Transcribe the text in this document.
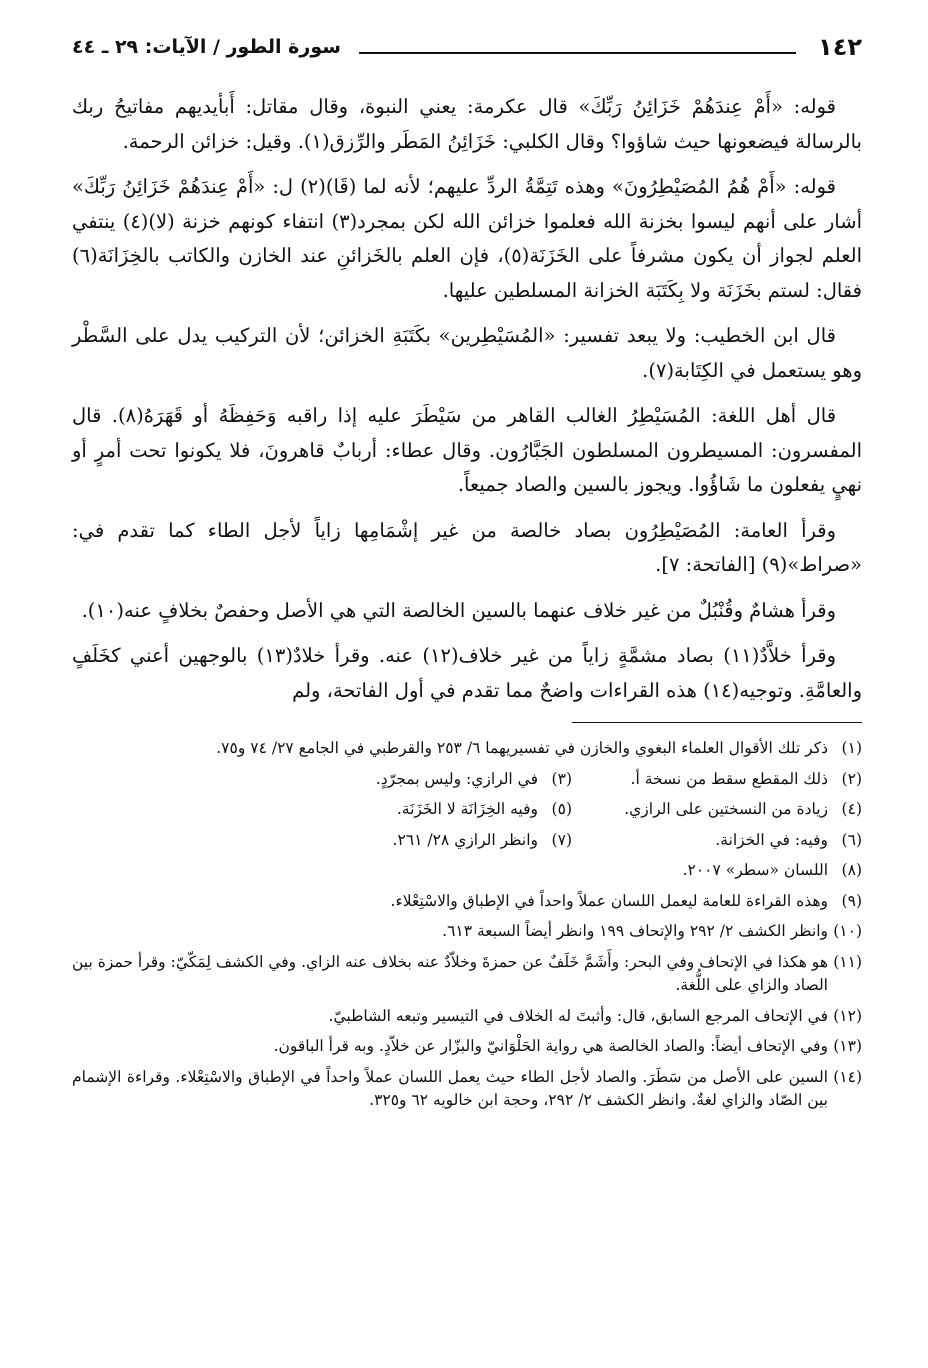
١٤٢
سورة الطور / الآيات: ٢٩ ـ ٤٤

قوله: «أَمْ عِندَهُمْ خَزَائِنُ رَبِّكَ» قال عكرمة: يعني النبوة، وقال مقاتل: أَبأيديهم مفاتيحُ ربك بالرسالة فيضعونها حيث شاؤوا؟ وقال الكلبي: خَزَائِنُ المَطَر والرِّزق(١). وقيل: خزائن الرحمة.

قوله: «أَمْ هُمُ المُصَيْطِرُونَ» وهذه تَتِمَّةُ الردِّ عليهم؛ لأنه لما (قَا)(٢) ل: «أَمْ عِندَهُمْ خَزَائِنُ رَبِّكَ» أشار على أنهم ليسوا بخزنة الله فعلموا خزائن الله لكن بمجرد(٣) انتفاء كونهم خزنة (لا)(٤) ينتفي العلم لجواز أن يكون مشرفاً على الخَزَنَة(٥)، فإن العلم بالخَزائنِ عند الخازن والكاتب بالخِزَانَة(٦) فقال: لستم بخَزَنَة ولا بِكَتَبَة الخزانة المسلطين عليها.

قال ابن الخطيب: ولا يبعد تفسير: «المُسَيْطِرين» بكَتَبَةِ الخزائن؛ لأن التركيب يدل على السَّطْر وهو يستعمل في الكِتَابة(٧).

قال أهل اللغة: المُسَيْطِرُ الغالب القاهر من سَيْطَرَ عليه إذا راقبه وَحَفِظَهُ أو قَهَرَهُ(٨). قال المفسرون: المسيطرون المسلطون الجَبَّارُون. وقال عطاء: أربابٌ قاهرونَ، فلا يكونوا تحت أمرٍ أو نهيٍ يفعلون ما شَاؤُوا. ويجوز بالسين والصاد جميعاً.

وقرأ العامة: المُصَيْطِرُون بصاد خالصة من غير إشْمَامِها زاياً لأجل الطاء كما تقدم في: «صراط»(٩) [الفاتحة: ٧].

وقرأ هشامٌ وقُنْبُلٌ من غير خلاف عنهما بالسين الخالصة التي هي الأصل وحفصٌ بخلافٍ عنه(١٠).

وقرأ خلاَّدٌ(١١) بصاد مشمَّةٍ زاياً من غير خلاف(١٢) عنه. وقرأ خلادٌ(١٣) بالوجهين أعني كخَلَفٍ والعامَّةِ. وتوجيه(١٤) هذه القراءات واضحٌ مما تقدم في أول الفاتحة، ولم

(١)
ذكر تلك الأقوال العلماء البغوي والخازن في تفسيريهما ٦/ ٢٥٣ والقرطبي في الجامع ٢٧/ ٧٤ و٧٥.
(٢)
ذلك المقطع سقط من نسخة أ.
(٣)
في الرازي: وليس بمجرّدٍ.
(٤)
زيادة من النسختين على الرازي.
(٥)
وفيه الخِزَانَة لا الخَزَنَة.
(٦)
وفيه: في الخزانة.
(٧)
وانظر الرازي ٢٨/ ٢٦١.
(٨)
اللسان «سطر» ٢٠٠٧.
(٩)
وهذه القراءة للعامة ليعمل اللسان عملاً واحداً في الإطباق والاسْتِعْلاء.
(١٠)
وانظر الكشف ٢/ ٢٩٢ والإتحاف ١٩٩ وانظر أيضاً السبعة ٦١٣.
(١١)
هو هكذا في الإتحاف وفي البحر: وأَشَمَّ خَلَفٌ عن حمزةَ وخلاّدٌ عنه بخلاف عنه الزاي. وفي الكشف لِمَكّيّ: وقرأ حمزة بين الصاد والزاي على اللُّغة.
(١٢)
في الإتحاف المرجع السابق، قال: وأثبتَ له الخلاف في التيسير وتبعه الشاطبيّ.
(١٣)
وفي الإتحاف أيضاً: والصاد الخالصة هي رواية الحَلْوَانيّ والبزّار عن خلاّدٍ. وبه قرأ الباقون.
(١٤)
السين على الأصل من سَطَرَ. والصاد لأجل الطاء حيث يعمل اللسان عملاً واحداً في الإطباق والاسْتِعْلاء. وقراءة الإشمام بين الصّاد والزاي لغةٌ. وانظر الكشف ٢/ ٢٩٢، وحجة ابن خالويه ٦٢ و٣٢٥.
